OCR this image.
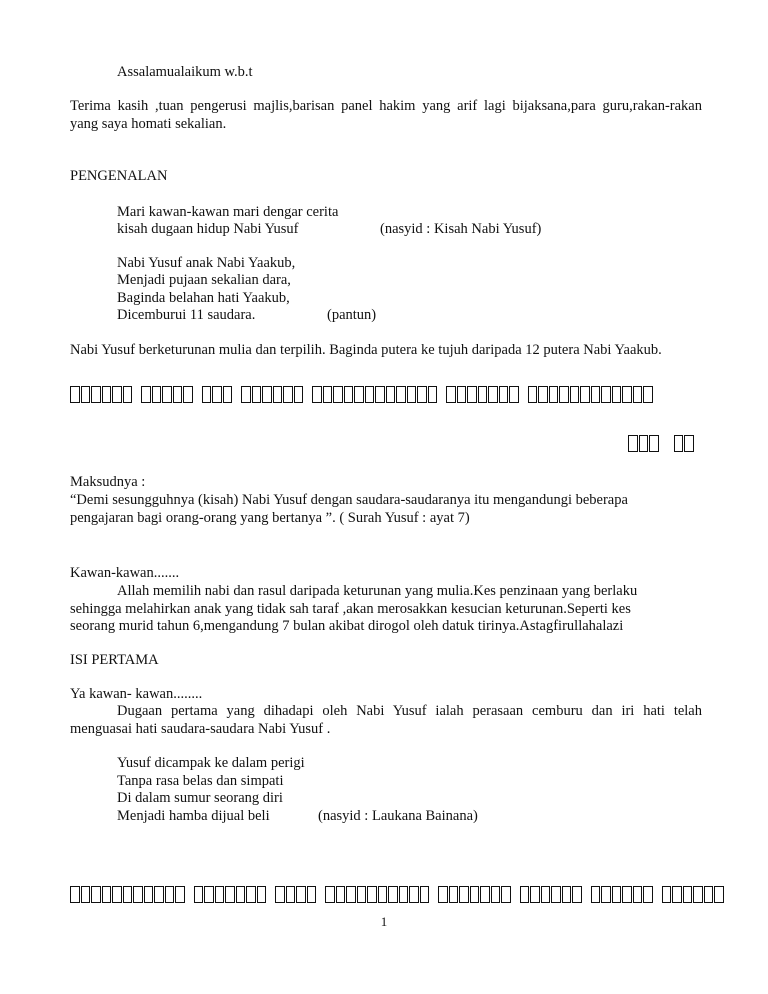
Assalamualaikum w.b.t
Terima kasih ,tuan pengerusi majlis,barisan panel hakim yang arif lagi bijaksana,para guru,rakan-rakan
yang saya homati sekalian.
PENGENALAN
Mari kawan-kawan mari dengar cerita
kisah dugaan hidup Nabi Yusuf	(nasyid : Kisah Nabi Yusuf)
Nabi Yusuf anak Nabi Yaakub,
Menjadi pujaan sekalian dara,
Baginda belahan hati Yaakub,
Dicemburui 11 saudara.	(pantun)
Nabi Yusuf berketurunan mulia dan terpilih. Baginda putera ke tujuh daripada 12 putera Nabi Yaakub.
Maksudnya :
“Demi sesungguhnya (kisah) Nabi Yusuf dengan saudara-saudaranya itu mengandungi beberapa
pengajaran bagi orang-orang yang bertanya ”. ( Surah Yusuf : ayat 7)
Kawan-kawan.......
Allah memilih nabi dan rasul daripada keturunan yang mulia.Kes penzinaan yang berlaku
sehingga melahirkan anak yang tidak sah taraf ,akan merosakkan kesucian keturunan.Seperti kes
seorang murid tahun 6,mengandung 7 bulan akibat dirogol oleh datuk tirinya.Astagfirullahalazi
ISI PERTAMA
Ya kawan- kawan........
Dugaan pertama yang dihadapi oleh Nabi Yusuf ialah perasaan cemburu dan iri hati telah
menguasai hati saudara-saudara Nabi Yusuf .
Yusuf dicampak ke dalam perigi
Tanpa rasa belas dan simpati
Di dalam sumur seorang diri
Menjadi hamba dijual beli	(nasyid : Laukana Bainana)
1
